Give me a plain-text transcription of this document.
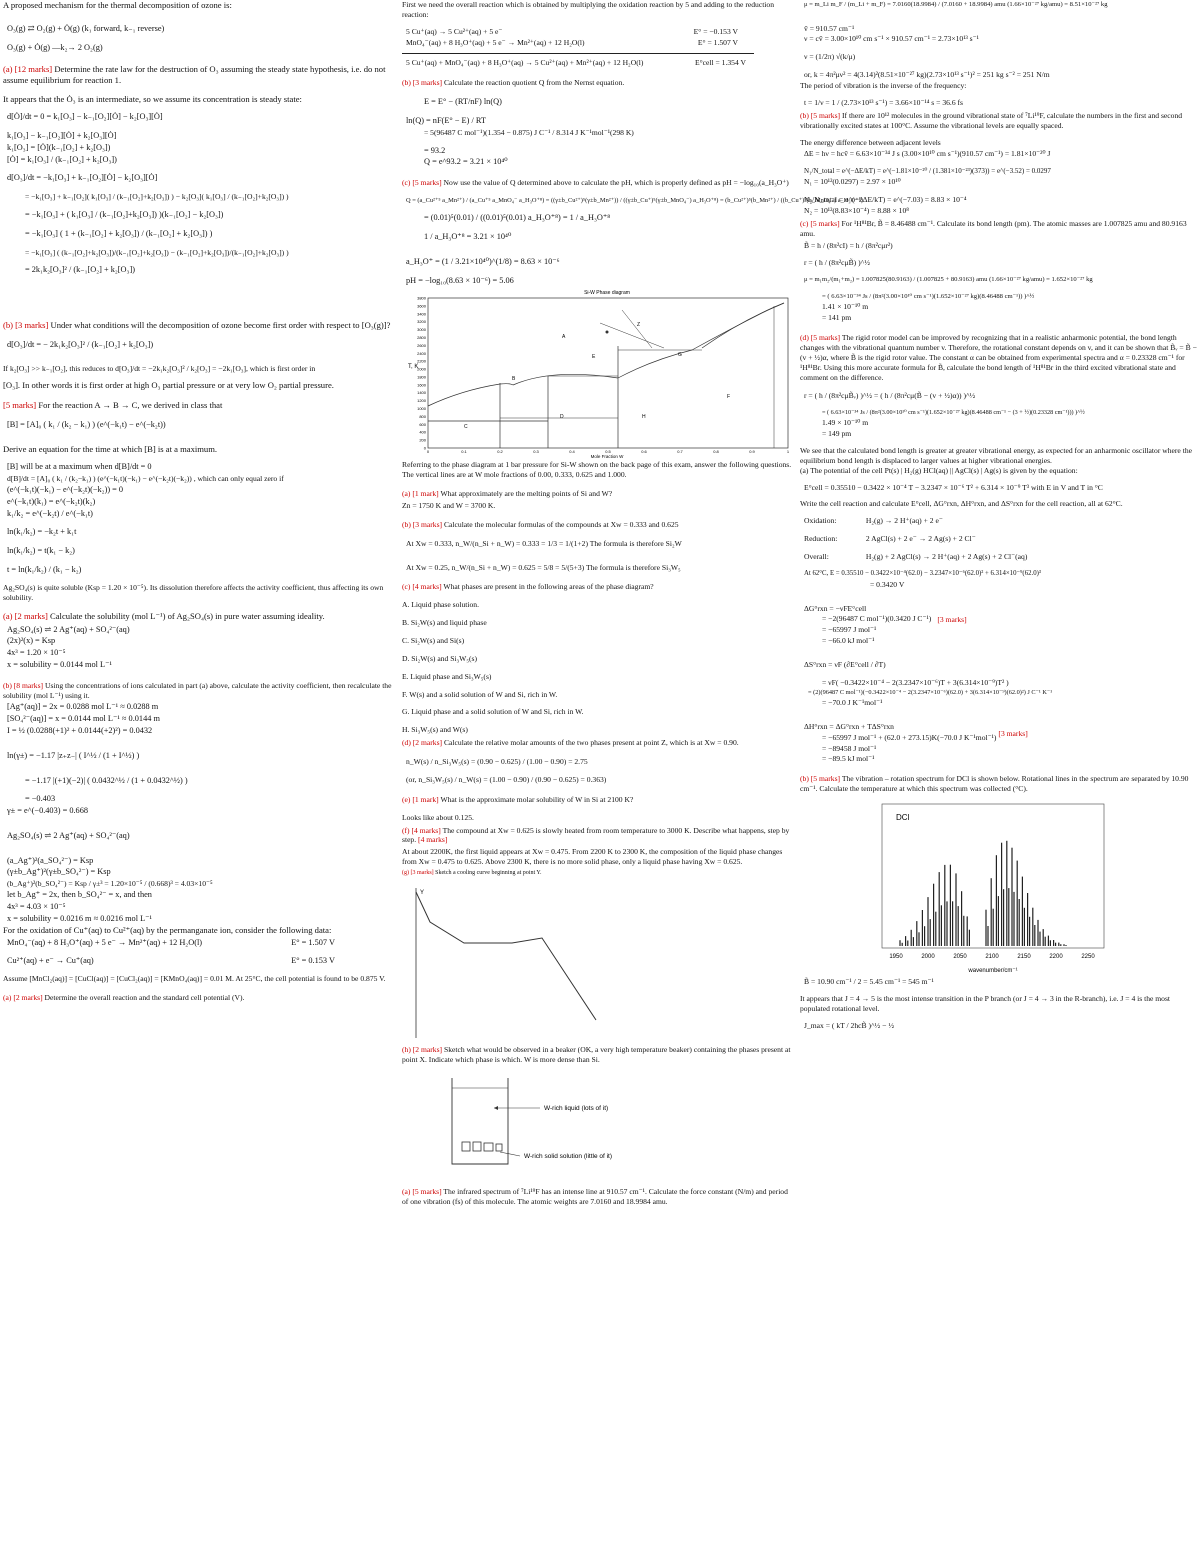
A proposed mechanism for the thermal decomposition of ozone is:

O₃(g) ⇄ O₂(g) + Ȯ(g) (k₁ forward, k₋₁ reverse)

O₃(g) + Ȯ(g) —k₂→ 2 O₂(g)

(a) [12 marks] Determine the rate law for the destruction of O₃ assuming the steady state hypothesis, i.e. do not assume equilibrium for reaction 1.

It appears that the Ȯ₃ is an intermediate, so we assume its concentration is steady state:

d[Ȯ]/dt = 0 = k₁[O₃] − k₋₁[O₂][Ȯ] − k₂[O₃][Ȯ]

k₁[O₃] − k₋₁[O₂][Ȯ] + k₂[O₃][Ȯ]

k₁[O₃] = [Ȯ](k₋₁[O₂] + k₂[O₃])

[Ȯ] = k₁[O₃] / (k₋₁[O₂] + k₂[O₃])

d[O₃]/dt = −k₁[O₃] + k₋₁[O₂][Ȯ] − k₂[O₃][Ȯ]

= −k₁[O₃] + k₋₁[O₂]( k₁[O₃] / (k₋₁[O₂]+k₂[O₃]) ) − k₂[O₃]( k₁[O₃] / (k₋₁[O₂]+k₂[O₃]) )

= −k₁[O₃] + ( k₁[O₃] / (k₋₁[O₂]+k₂[O₃]) )(k₋₁[O₂] − k₂[O₃])

= −k₁[O₃] ( 1 + (k₋₁[O₂] + k₂[O₃]) / (k₋₁[O₂] + k₂[O₃]) )

= −k₁[O₃] ( (k₋₁[O₂]+k₂[O₃])/(k₋₁[O₂]+k₂[O₃]) − (k₋₁[O₂]+k₂[O₃])/(k₋₁[O₂]+k₂[O₃]) )

= 2k₁k₂[O₃]² / (k₋₁[O₂] + k₂[O₃])

(b) [3 marks] Under what conditions will the decomposition of ozone become first order with respect to [O₃(g)]?

d[O₃]/dt = − 2k₁k₂[O₃]² / (k₋₁[O₂] + k₂[O₃])

If k₂[O₃] >> k₋₁[O₂], this reduces to d[O₃]/dt = −2k₁k₂[O₃]² / k₂[O₃] = −2k₁[O₃], which is first order in

[O₃]. In other words it is first order at high O₃ partial pressure or at very low O₂ partial pressure.

[5 marks] For the reaction A → B → C, we derived in class that

[B] = [A]₀ ( k₁ / (k₂ − k₁) ) (e^(−k₁t) − e^(−k₂t))

Derive an equation for the time at which [B] is at a maximum.

[B] will be at a maximum when d[B]/dt = 0

d[B]/dt = [A]₀ ( k₁ / (k₂−k₁) ) (e^(−k₁t)(−k₁) − e^(−k₂t)(−k₂)) , which can only equal zero if

(e^(−k₁t)(−k₁) − e^(−k₂t)(−k₂)) = 0

e^(−k₁t)(k₁) = e^(−k₂t)(k₂)

k₁/k₂ = e^(−k₂t) / e^(−k₁t)

ln(k₁/k₂) = −k₂t + k₁t

ln(k₁/k₂) = t(k₁ − k₂)

t = ln(k₁/k₂) / (k₁ − k₂)

Ag₂SO₄(s) is quite soluble (Ksp = 1.20 × 10⁻⁵). Its dissolution therefore affects the activity coefficient, thus affecting its own solubility.

(a) [2 marks] Calculate the solubility (mol L⁻¹) of Ag₂SO₄(s) in pure water assuming ideality.

Ag₂SO₄(s) ⇌ 2 Ag⁺(aq) + SO₄²⁻(aq)

(2x)²(x) = Ksp

4x³ = 1.20 × 10⁻⁵

x = solubility = 0.0144 mol L⁻¹

(b) [8 marks] Using the concentrations of ions calculated in part (a) above, calculate the activity coefficient, then recalculate the solubility (mol L⁻¹) using it.

[Ag⁺(aq)] = 2x = 0.0288 mol L⁻¹ ≈ 0.0288 m

[SO₄²⁻(aq)] = x = 0.0144 mol L⁻¹ ≈ 0.0144 m

I = ½ (0.0288(+1)² + 0.0144(+2)²) = 0.0432

ln(γ±) = −1.17 |z₊z₋| ( I^½ / (1 + I^½) )

= −1.17 |(+1)(−2)| ( 0.0432^½ / (1 + 0.0432^½) )

= −0.403

γ± = e^(−0.403) = 0.668

Ag₂SO₄(s) ⇌ 2 Ag⁺(aq) + SO₄²⁻(aq)

(a_Ag⁺)²(a_SO₄²⁻) = Ksp

(γ±b_Ag⁺)²(γ±b_SO₄²⁻) = Ksp

(b_Ag⁺)²(b_SO₄²⁻) = Ksp / γ±³ = 1.20×10⁻⁵ / (0.668)³ = 4.03×10⁻⁵

let b_Ag⁺ = 2x, then b_SO₄²⁻ = x, and then

4x³ = 4.03 × 10⁻⁵

x = solubility = 0.0216 m ≈ 0.0216 mol L⁻¹

For the oxidation of Cu⁺(aq) to Cu²⁺(aq) by the permanganate ion, consider the following data:

MnO₄⁻(aq) + 8 H₃O⁺(aq) + 5 e⁻ → Mn²⁺(aq) + 12 H₂O(l)	E° = 1.507 V
Cu²⁺(aq) + e⁻ → Cu⁺(aq)	E° = 0.153 V

Assume [MnCl₂(aq)] = [CuCl(aq)] = [CuCl₂(aq)] = [KMnO₄(aq)] = 0.01 M. At 25°C, the cell potential is found to be 0.875 V.

(a) [2 marks] Determine the overall reaction and the standard cell potential (V).

First we need the overall reaction which is obtained by multiplying the oxidation reaction by 5 and adding to the reduction reaction:

5 Cu⁺(aq) → 5 Cu²⁺(aq) + 5 e⁻	E° = −0.153 V
MnO₄⁻(aq) + 8 H₃O⁺(aq) + 5 e⁻ → Mn²⁺(aq) + 12 H₂O(l)	E° = 1.507 V
5 Cu⁺(aq) + MnO₄⁻(aq) + 8 H₃O⁺(aq) → 5 Cu²⁺(aq) + Mn²⁺(aq) + 12 H₂O(l)	E°cell = 1.354 V

(b) [3 marks] Calculate the reaction quotient Q from the Nernst equation.

E = E° − (RT/nF) ln(Q)

ln(Q) = nF(E° − E) / RT

= 5(96487 C mol⁻¹)(1.354 − 0.875) J C⁻¹ / 8.314 J K⁻¹mol⁻¹(298 K)

= 93.2

Q = e^93.2 = 3.21 × 10⁴⁰

(c) [5 marks] Now use the value of Q determined above to calculate the pH, which is properly defined as pH = −log₁₀(a_H₃O⁺)

Q = (a_Cu²⁺⁵ a_Mn²⁺) / (a_Cu⁺⁵ a_MnO₄⁻ a_H₃O⁺⁸) = ((γ±b_Cu²⁺)⁵(γ±b_Mn²⁺)) / ((γ±b_Cu⁺)⁵(γ±b_MnO₄⁻) a_H₃O⁺⁸) = (b_Cu²⁺)⁵(b_Mn²⁺) / ((b_Cu⁺)⁵(b_MnO₄⁻) a_H₃O⁺⁸)

= (0.01)⁵(0.01) / ((0.01)⁵(0.01) a_H₃O⁺⁸) = 1 / a_H₃O⁺⁸

1 / a_H₃O⁺⁸ = 3.21 × 10⁴⁰

a_H₃O⁺ = (1 / 3.21×10⁴⁰)^(1/8) = 8.63 × 10⁻⁶

pH = −log₁₀(8.63 × 10⁻⁶) = 5.06

Si-W Phase diagram
3800
3600
3400
3200
3000
2800
2600
2400
2200
2000
1800
1600
1400
1200
1000
800
600
400
200
0
0	0.1	0.2	0.3	0.4	0.5	0.6	0.7	0.8	0.9	1
T, K
Mole Fraction W
A
B
C
D
E
F
G
H
Z

Referring to the phase diagram at 1 bar pressure for Si-W shown on the back page of this exam, answer the following questions. The vertical lines are at W mole fractions of 0.00, 0.333, 0.625 and 1.000.

(a) [1 mark] What approximately are the melting points of Si and W?

Zn = 1750 K and W = 3700 K.

(b) [3 marks] Calculate the molecular formulas of the compounds at Xw = 0.333 and 0.625

At Xw = 0.333, n_W/(n_Si + n_W) = 0.333 = 1/3 = 1/(1+2) The formula is therefore Si₂W

At Xw = 0.25, n_W/(n_Si + n_W) = 0.625 = 5/8 = 5/(5+3) The formula is therefore Si₃W₅

(c) [4 marks] What phases are present in the following areas of the phase diagram?

A. Liquid phase solution.

B. Si₂W(s) and liquid phase

C. Si₂W(s) and Si(s)

D. Si₂W(s) and Si₃W₅(s)

E. Liquid phase and Si₃W₅(s)

F. W(s) and a solid solution of W and Si, rich in W.

G. Liquid phase and a solid solution of W and Si, rich in W.

H. Si₃W₅(s) and W(s)

(d) [2 marks] Calculate the relative molar amounts of the two phases present at point Z, which is at Xw = 0.90.

n_W(s) / n_Si₃W₅(s) = (0.90 − 0.625) / (1.00 − 0.90) = 2.75

(or, n_Si₃W₅(s) / n_W(s) = (1.00 − 0.90) / (0.90 − 0.625) = 0.363)

(e) [1 mark] What is the approximate molar solubility of W in Si at 2100 K?

Looks like about 0.125.

(f) [4 marks] The compound at Xw = 0.625 is slowly heated from room temperature to 3000 K. Describe what happens, step by step. [4 marks]

At about 2200K, the first liquid appears at Xw = 0.475. From 2200 K to 2300 K, the composition of the liquid phase changes from Xw = 0.475 to 0.625. Above 2300 K, there is no more solid phase, only a liquid phase having Xw = 0.625.

(g) [3 marks] Sketch a cooling curve beginning at point Y.

Y

(h) [2 marks] Sketch what would be observed in a beaker (OK, a very high temperature beaker) containing the phases present at point X. Indicate which phase is which. W is more dense than Si.

W-rich liquid (lots of it)
W-rich solid solution (little of it)

(a) [5 marks] The infrared spectrum of ⁷Li¹⁹F has an intense line at 910.57 cm⁻¹. Calculate the force constant (N/m) and period of one vibration (fs) of this molecule. The atomic weights are 7.0160 and 18.9984 amu.

μ = m_Li m_F / (m_Li + m_F) = 7.0160(18.9984) / (7.0160 + 18.9984) amu (1.66×10⁻²⁷ kg/amu) = 8.51×10⁻²⁷ kg

ṽ = 910.57 cm⁻¹

ν = cṽ = 3.00×10¹⁰ cm s⁻¹ × 910.57 cm⁻¹ = 2.73×10¹³ s⁻¹

ν = (1/2π) √(k/μ)

or, k = 4π²μν² = 4(3.14)²(8.51×10⁻²⁷ kg)(2.73×10¹³ s⁻¹)² = 251 kg s⁻² = 251 N/m

The period of vibration is the inverse of the frequency:

t = 1/ν = 1 / (2.73×10¹³ s⁻¹) = 3.66×10⁻¹⁴ s = 36.6 fs

(b) [5 marks] If there are 10¹² molecules in the ground vibrational state of ⁷Li¹⁹F, calculate the numbers in the first and second vibrationally excited states at 100°C. Assume the vibrational levels are equally spaced.

The energy difference between adjacent levels

ΔE = hν = hcṽ = 6.63×10⁻³⁴ J s (3.00×10¹⁰ cm s⁻¹)(910.57 cm⁻¹) = 1.81×10⁻²⁰ J

N₁/N_total = e^(−ΔE/kT) = e^(−1.81×10⁻²⁰ / (1.381×10⁻²³)(373)) = e^(−3.52) = 0.0297

N₁ = 10¹²(0.0297) = 2.97 × 10¹⁰

N₂/N_total = e^(−2ΔE/kT) = e^(−7.03) = 8.83 × 10⁻⁴

N₂ = 10¹²(8.83×10⁻⁴) = 8.88 × 10⁸

(c) [5 marks] For ¹H⁸¹Br, B̃ = 8.46488 cm⁻¹. Calculate its bond length (pm). The atomic masses are 1.007825 amu and 80.9163 amu.

B̃ = h / (8π²cI) = h / (8π²cμr²)

r = ( h / (8π²cμB̃) )^½

μ = m₁m₂/(m₁+m₂) = 1.007825(80.9163) / (1.007825 + 80.9163) amu (1.66×10⁻²⁷ kg/amu) = 1.652×10⁻²⁷ kg

= ( 6.63×10⁻³⁴ Js / (8π²(3.00×10¹⁰ cm s⁻¹)(1.652×10⁻²⁷ kg)(8.46488 cm⁻¹)) )^½

1.41 × 10⁻¹⁰ m

= 141 pm

(d) [5 marks] The rigid rotor model can be improved by recognizing that in a realistic anharmonic potential, the bond length changes with the vibrational quantum number v. Therefore, the rotational constant depends on v, and it can be shown that B̃ᵥ = B̃ − (v + ½)α, where B̃ is the rigid rotor value. The constant α can be obtained from experimental spectra and α = 0.23328 cm⁻¹ for ¹H⁸¹Br. Using this more accurate formula for B̃, calculate the bond length of ¹H⁸¹Br in the third excited vibrational state and comment on the difference.

r = ( h / (8π²cμB̃ᵥ) )^½ = ( h / (8π²cμ(B̃ − (v + ½)α)) )^½

= ( 6.63×10⁻³⁴ Js / (8π²(3.00×10¹⁰ cm s⁻¹)(1.652×10⁻²⁷ kg)(8.46488 cm⁻¹ − (3 + ½)(0.23328 cm⁻¹))) )^½

1.49 × 10⁻¹⁰ m

= 149 pm

We see that the calculated bond length is greater at greater vibrational energy, as expected for an anharmonic oscillator where the equilibrium bond length is displaced to larger values at higher vibrational energies.

(a) The potential of the cell Pt(s) | H₂(g) HCl(aq) || AgCl(s) | Ag(s) is given by the equation:

E°cell = 0.35510 − 0.3422 × 10⁻⁴ T − 3.2347 × 10⁻⁶ T² + 6.314 × 10⁻⁹ T³ with E in V and T in °C

Write the cell reaction and calculate E°cell, ΔG°rxn, ΔH°rxn, and ΔS°rxn for the cell reaction, all at 62°C.

Oxidation:	H₂(g) → 2 H⁺(aq) + 2 e⁻
Reduction:	2 AgCl(s) + 2 e⁻ → 2 Ag(s) + 2 Cl⁻
Overall:	H₂(g) + 2 AgCl(s) → 2 H⁺(aq) + 2 Ag(s) + 2 Cl⁻(aq)

At 62°C, E = 0.35510 − 0.3422×10⁻⁴(62.0) − 3.2347×10⁻⁶(62.0)² + 6.314×10⁻⁹(62.0)³

= 0.3420 V

ΔG°rxn = −νFE°cell

= −2(96487 C mol⁻¹)(0.3420 J C⁻¹)

= −65997 J mol⁻¹

= −66.0 kJ mol⁻¹

[3 marks]

ΔS°rxn = νF (∂E°cell / ∂T)

= νF( −0.3422×10⁻⁴ − 2(3.2347×10⁻⁶)T + 3(6.314×10⁻⁹)T² )

= (2)(96487 C mol⁻¹)(−0.3422×10⁻⁴ − 2(3.2347×10⁻⁶)(62.0) + 3(6.314×10⁻⁹)(62.0)²) J C⁻¹ K⁻¹

= −70.0 J K⁻¹mol⁻¹

ΔH°rxn = ΔG°rxn + TΔS°rxn

= −65997 J mol⁻¹ + (62.0 + 273.15)K(−70.0 J K⁻¹mol⁻¹)

= −89458 J mol⁻¹

= −89.5 kJ mol⁻¹

[3 marks]

(b) [5 marks] The vibration – rotation spectrum for DCl is shown below. Rotational lines in the spectrum are separated by 10.90 cm⁻¹. Calculate the temperature at which this spectrum was collected (°C).

DCl
1950	2000	2050	2100	2150	2200	2250
wavenumber/cm⁻¹

B̃ = 10.90 cm⁻¹ / 2 = 5.45 cm⁻¹ = 545 m⁻¹

It appears that J = 4 → 5 is the most intense transition in the P branch (or J = 4 → 3 in the R-branch), i.e. J = 4 is the most populated rotational level.

J_max = ( kT / 2hcB̃ )^½ − ½
